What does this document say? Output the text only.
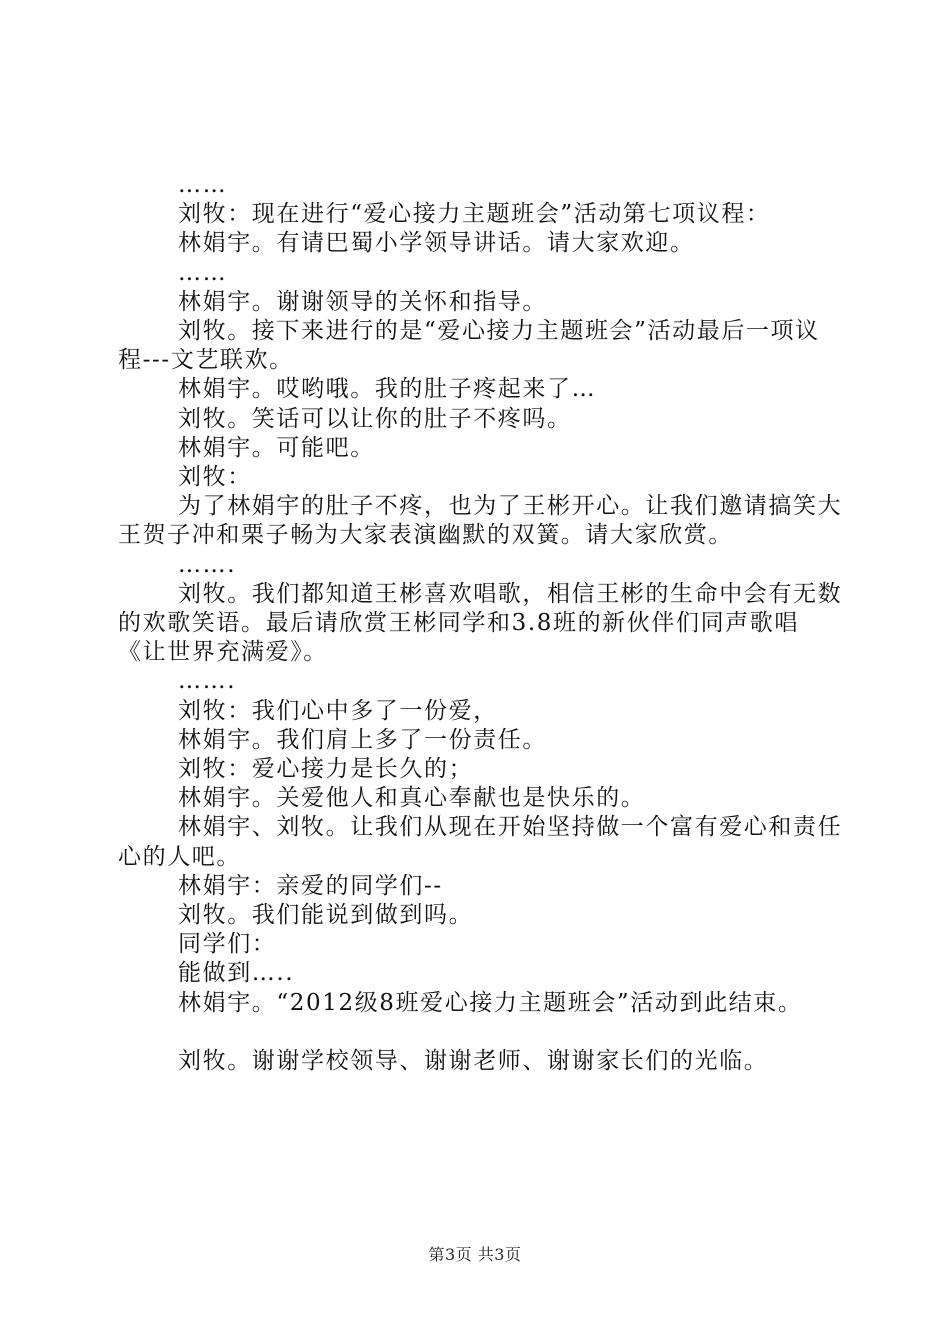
……

刘牧：现在进行“爱心接力主题班会”活动第七项议程：

林娟宇。有请巴蜀小学领导讲话。请大家欢迎。

……

林娟宇。谢谢领导的关怀和指导。

刘牧。接下来进行的是“爱心接力主题班会”活动最后一项议程---文艺联欢。

林娟宇。哎哟哦。我的肚子疼起来了…

刘牧。笑话可以让你的肚子不疼吗。

林娟宇。可能吧。

刘牧：

为了林娟宇的肚子不疼，也为了王彬开心。让我们邀请搞笑大王贺子冲和栗子畅为大家表演幽默的双簧。请大家欣赏。

…….

刘牧。我们都知道王彬喜欢唱歌，相信王彬的生命中会有无数的欢歌笑语。最后请欣赏王彬同学和3.8班的新伙伴们同声歌唱《让世界充满爱》。

…….

刘牧：我们心中多了一份爱，

林娟宇。我们肩上多了一份责任。

刘牧：爱心接力是长久的；

林娟宇。关爱他人和真心奉献也是快乐的。

林娟宇、刘牧。让我们从现在开始坚持做一个富有爱心和责任心的人吧。

林娟宇：亲爱的同学们--

刘牧。我们能说到做到吗。

同学们：

能做到…..

林娟宇。“2012级8班爱心接力主题班会”活动到此结束。

刘牧。谢谢学校领导、谢谢老师、谢谢家长们的光临。

第3页 共3页
